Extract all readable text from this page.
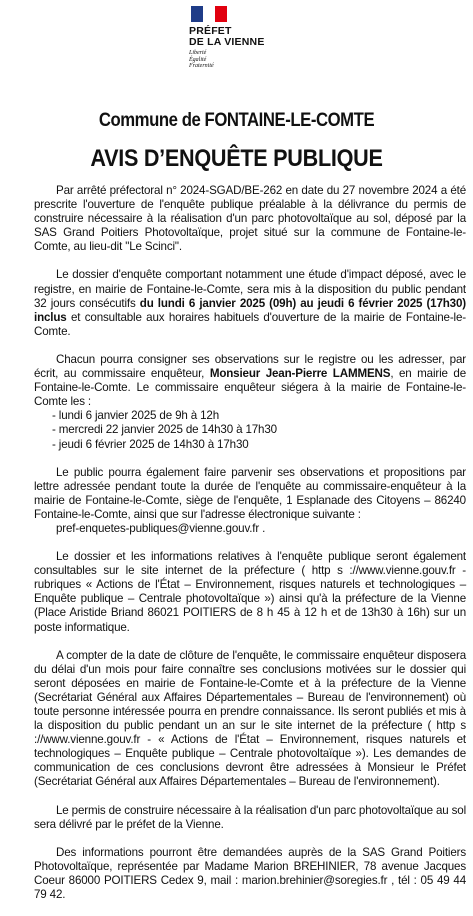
PRÉFET
DE LA VIENNE
Liberté
Égalité
Fraternité
Commune de FONTAINE-LE-COMTE
AVIS D’ENQUÊTE PUBLIQUE

Par arrêté préfectoral n° 2024-SGAD/BE-262 en date du 27 novembre 2024 a été prescrite l'ouverture de l'enquête publique préalable à la délivrance du permis de construire nécessaire à la réalisation d'un parc photovoltaïque au sol, déposé par la SAS Grand Poitiers Photovoltaïque, projet situé sur la commune de Fontaine-le-Comte, au lieu-dit "Le Scinci".

Le dossier d'enquête comportant notamment une étude d'impact déposé, avec le registre, en mairie de Fontaine-le-Comte, sera mis à la disposition du public pendant 32 jours consécutifs du lundi 6 janvier 2025 (09h) au jeudi 6 février 2025 (17h30) inclus et consultable aux horaires habituels d'ouverture de la mairie de Fontaine-le-Comte.

Chacun pourra consigner ses observations sur le registre ou les adresser, par écrit, au commissaire enquêteur, Monsieur Jean-Pierre LAMMENS, en mairie de Fontaine-le-Comte. Le commissaire enquêteur siégera à la mairie de Fontaine-le-Comte les :

- lundi 6 janvier 2025 de 9h à 12h
- mercredi 22 janvier 2025 de 14h30 à 17h30
- jeudi 6 février 2025 de 14h30 à 17h30

Le public pourra également faire parvenir ses observations et propositions par lettre adressée pendant toute la durée de l'enquête au commissaire-enquêteur à la mairie de Fontaine-le-Comte, siège de l'enquête, 1 Esplanade des Citoyens – 86240 Fontaine-le-Comte, ainsi que sur l'adresse électronique suivante :

pref-enquetes-publiques@vienne.gouv.fr .

Le dossier et les informations relatives à l'enquête publique seront également consultables sur le site internet de la préfecture ( http s ://www.vienne.gouv.fr - rubriques « Actions de l'État – Environnement, risques naturels et technologiques – Enquête publique – Centrale photovoltaïque ») ainsi qu'à la préfecture de la Vienne (Place Aristide Briand 86021 POITIERS de 8 h 45 à 12 h et de 13h30 à 16h) sur un poste informatique.

A compter de la date de clôture de l'enquête, le commissaire enquêteur disposera du délai d'un mois pour faire connaître ses conclusions motivées sur le dossier qui seront déposées en mairie de Fontaine-le-Comte et à la préfecture de la Vienne (Secrétariat Général aux Affaires Départementales – Bureau de l'environnement) où toute personne intéressée pourra en prendre connaissance. Ils seront publiés et mis à la disposition du public pendant un an sur le site internet de la préfecture ( http s ://www.vienne.gouv.fr - « Actions de l'État – Environnement, risques naturels et technologiques – Enquête publique – Centrale photovoltaïque »). Les demandes de communication de ces conclusions devront être adressées à Monsieur le Préfet (Secrétariat Général aux Affaires Départementales – Bureau de l'environnement).

Le permis de construire nécessaire à la réalisation d'un parc photovoltaïque au sol sera délivré par le préfet de la Vienne.

Des informations pourront être demandées auprès de la SAS Grand Poitiers Photovoltaïque, représentée par Madame Marion BREHINIER, 78 avenue Jacques Coeur 86000 POITIERS Cedex 9, mail : marion.brehinier@soregies.fr , tél : 05 49 44 79 42.
